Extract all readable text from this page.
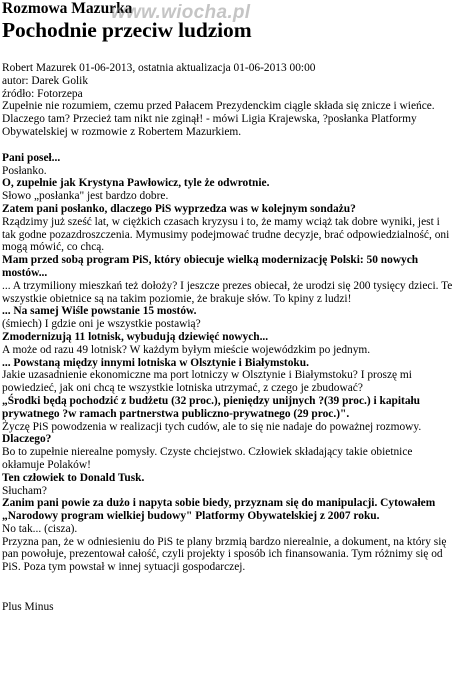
Rozmowa Mazurka
Pochodnie przeciw ludziom
Robert Mazurek 01-06-2013, ostatnia aktualizacja 01-06-2013 00:00
autor: Darek Golik
źródło: Fotorzepa

Zupełnie nie rozumiem, czemu przed Pałacem Prezydenckim ciągle składa się znicze i wieńce. Dlaczego tam? Przecież tam nikt nie zginął! - mówi Ligia Krajewska, ?posłanka Platformy Obywatelskiej w rozmowie z Robertem Mazurkiem.

Pani poseł...

Posłanko.

O, zupełnie jak Krystyna Pawłowicz, tyle że odwrotnie.

Słowo „posłanka" jest bardzo dobre.

Zatem pani posłanko, dlaczego PiS wyprzedza was w kolejnym sondażu?

Rządzimy już sześć lat, w ciężkich czasach kryzysu i to, że mamy wciąż tak dobre wyniki, jest i tak godne pozazdroszczenia. Mymusimy podejmować trudne decyzje, brać odpowiedzialność, oni mogą mówić, co chcą.

Mam przed sobą program PiS, który obiecuje wielką modernizację Polski: 50 nowych mostów...

... A trzymiliony mieszkań też dołoży? I jeszcze prezes obiecał, że urodzi się 200 tysięcy dzieci. Te wszystkie obietnice są na takim poziomie, że brakuje słów. To kpiny z ludzi!

... Na samej Wiśle powstanie 15 mostów.

(śmiech) I gdzie oni je wszystkie postawią?

Zmodernizują 11 lotnisk, wybudują dziewięć nowych...

A może od razu 49 lotnisk? W każdym byłym mieście wojewódzkim po jednym.

... Powstaną między innymi lotniska w Olsztynie i Białymstoku.

Jakie uzasadnienie ekonomiczne ma port lotniczy w Olsztynie i Białymstoku? I proszę mi powiedzieć, jak oni chcą te wszystkie lotniska utrzymać, z czego je zbudować?

„Środki będą pochodzić z budżetu (32 proc.), pieniędzy unijnych ?(39 proc.) i kapitału prywatnego ?w ramach partnerstwa publiczno-prywatnego (29 proc.)".

Życzę PiS powodzenia w realizacji tych cudów, ale to się nie nadaje do poważnej rozmowy.

Dlaczego?

Bo to zupełnie nierealne pomysły. Czyste chciejstwo. Człowiek składający takie obietnice okłamuje Polaków!

Ten człowiek to Donald Tusk.

Słucham?

Zanim pani powie za dużo i napyta sobie biedy, przyznam się do manipulacji. Cytowałem „Narodowy program wielkiej budowy" Platformy Obywatelskiej z 2007 roku.

No tak... (cisza).

Przyzna pan, że w odniesieniu do PiS te plany brzmią bardzo nierealnie, a dokument, na który się pan powołuje, prezentował całość, czyli projekty i sposób ich finansowania. Tym różnimy się od PiS. Poza tym powstał w innej sytuacji gospodarczej.

Plus Minus
www.wiocha.pl
